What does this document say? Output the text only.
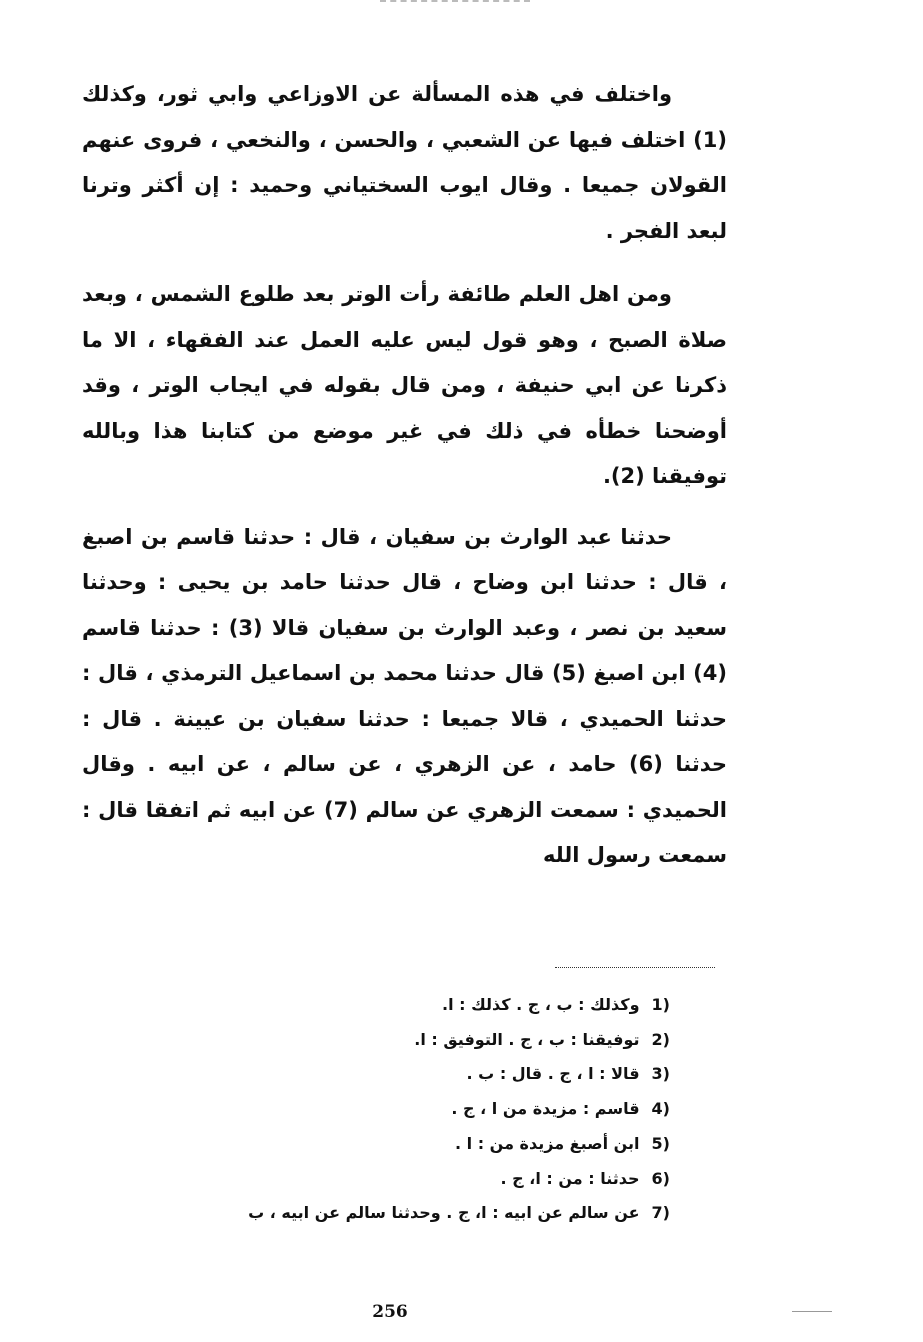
واختلف في هذه المسألة عن الاوزاعي وابي ثور، وكذلك (1) اختلف فيها عن الشعبي ، والحسن ، والنخعي ، فروى عنهم القولان جميعا . وقال ايوب السختياني وحميد : إن أكثر وترنا لبعد الفجر .

ومن اهل العلم طائفة رأت الوتر بعد طلوع الشمس ، وبعد صلاة الصبح ، وهو قول ليس عليه العمل عند الفقهاء ، الا ما ذكرنا عن ابي حنيفة ، ومن قال بقوله في ايجاب الوتر ، وقد أوضحنا خطأه في ذلك في غير موضع من كتابنا هذا وبالله توفيقنا (2).

حدثنا عبد الوارث بن سفيان ، قال : حدثنا قاسم بن اصبغ ، قال : حدثنا ابن وضاح ، قال حدثنا حامد بن يحيى : وحدثنا سعيد بن نصر ، وعبد الوارث بن سفيان قالا (3) : حدثنا قاسم (4) ابن اصبغ (5) قال حدثنا محمد بن اسماعيل الترمذي ، قال : حدثنا الحميدي ، قالا جميعا : حدثنا سفيان بن عيينة . قال : حدثنا (6) حامد ، عن الزهري ، عن سالم ، عن ابيه . وقال الحميدي : سمعت الزهري عن سالم (7) عن ابيه ثم اتفقا قال : سمعت رسول الله

1)وكذلك : ب ، ج . كذلك : ا.
2)توفيقنا : ب ، ج . التوفيق : ا.
3)قالا : ا ، ج . قال : ب .
4)قاسم : مزيدة من ا ، ج .
5)ابن أصبغ مزيدة من : ا .
6)حدثنا : من : ا، ج .
7)عن سالم عن ابيه : ا، ج . وحدثنا سالم عن ابيه ، ب
256
